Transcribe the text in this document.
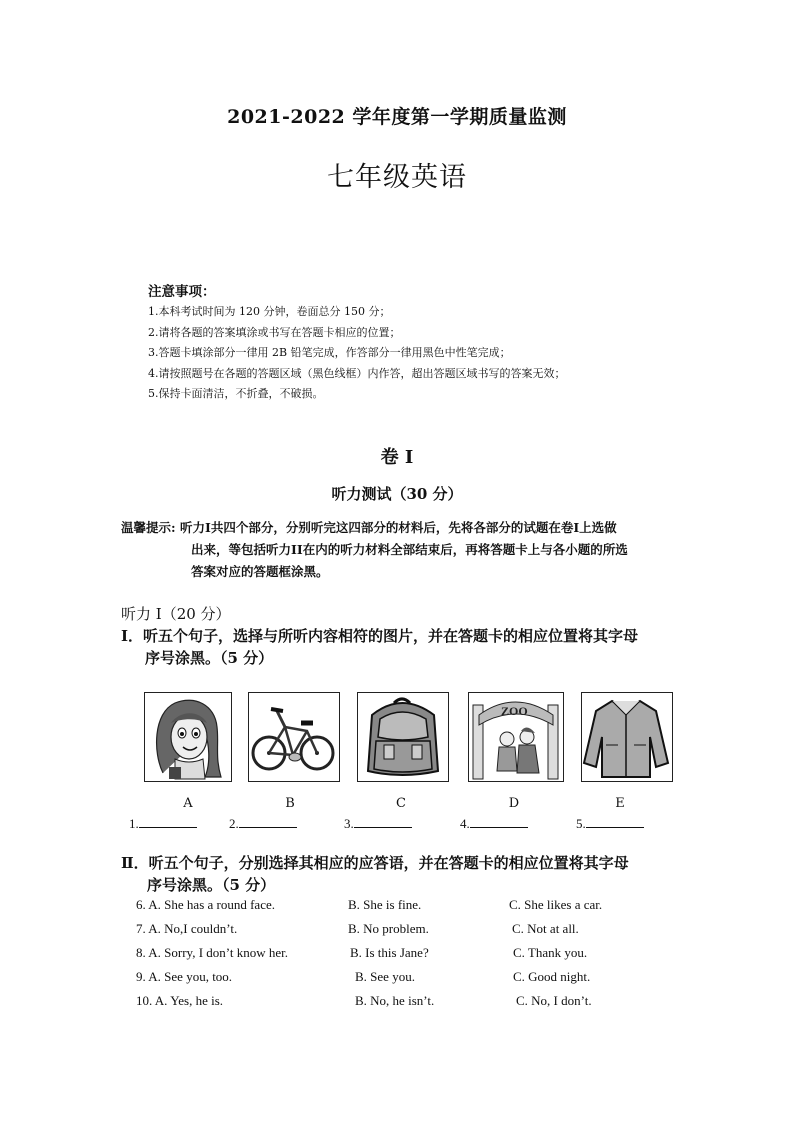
2021-2022 学年度第一学期质量监测
七年级英语
注意事项：
1.本科考试时间为 120 分钟，卷面总分 150 分；
2.请将各题的答案填涂或书写在答题卡相应的位置；
3.答题卡填涂部分一律用 2B 铅笔完成，作答部分一律用黑色中性笔完成；
4.请按照题号在各题的答题区域（黑色线框）内作答，超出答题区域书写的答案无效；
5.保持卡面清洁，不折叠，不破损。
卷 I
听力测试（30 分）
温馨提示: 听力I共四个部分，分别听完这四部分的材料后，先将各部分的试题在卷I上选做
出来，等包括听力II在内的听力材料全部结束后，再将答题卡上与各小题的所选
答案对应的答题框涂黑。
听力 I（20 分）
I．听五个句子，选择与所听内容相符的图片，并在答题卡的相应位置将其字母
序号涂黑。（5 分）
ZOO
A	B	C	D	E
1.	2.	3.	4.	5.
Ⅱ．听五个句子，分别选择其相应的应答语，并在答题卡的相应位置将其字母
序号涂黑。（5 分）
6. A. She has a round face.	B. She is fine.	C. She likes a car.
7. A. No,I couldn’t.	B. No problem.	C. Not at all.
8. A. Sorry, I don’t know her.	B. Is this Jane?	C. Thank you.
9. A. See you, too.	B. See you.	C. Good night.
10. A. Yes, he is.	B. No, he isn’t.	C. No, I don’t.
